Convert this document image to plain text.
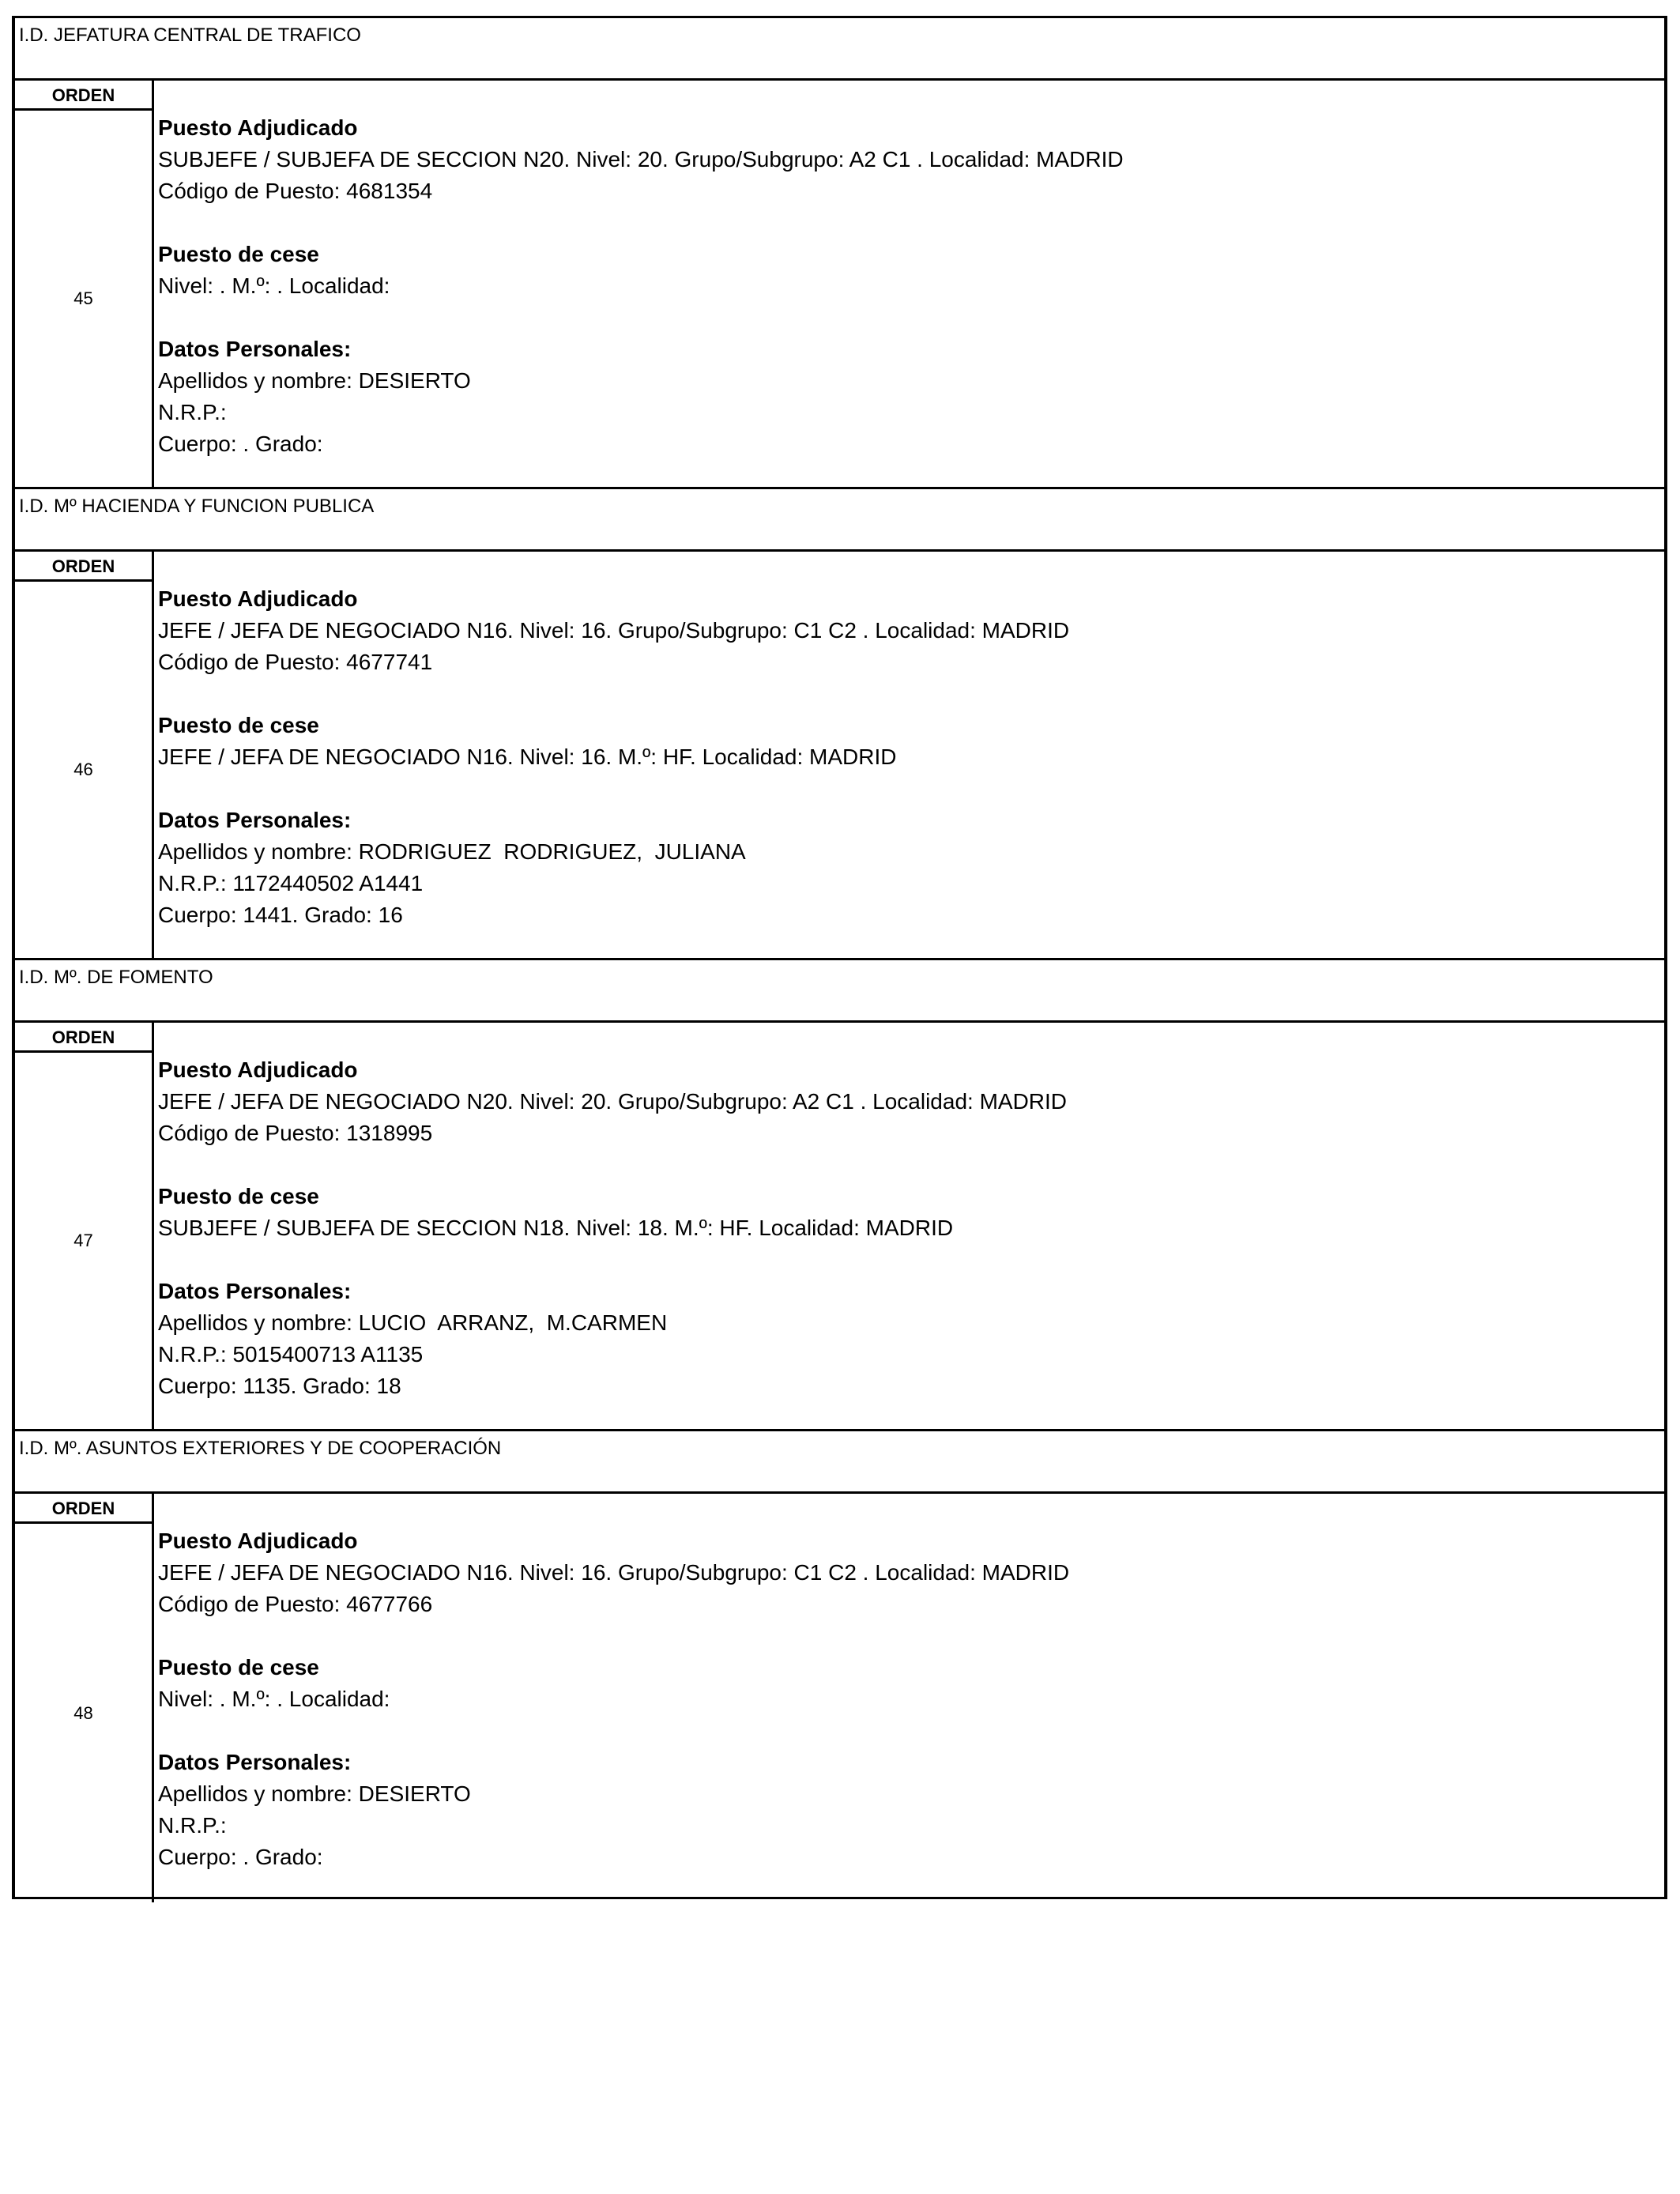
I.D. JEFATURA CENTRAL DE TRAFICO
ORDEN
45
Puesto Adjudicado
SUBJEFE / SUBJEFA DE SECCION N20. Nivel: 20. Grupo/Subgrupo: A2 C1 . Localidad: MADRID
Código de Puesto: 4681354
Puesto de cese
Nivel: . M.º: . Localidad:
Datos Personales:
Apellidos y nombre: DESIERTO
N.R.P.:
Cuerpo: . Grado:
I.D. Mº HACIENDA Y FUNCION PUBLICA
ORDEN
46
Puesto Adjudicado
JEFE / JEFA DE NEGOCIADO N16. Nivel: 16. Grupo/Subgrupo: C1 C2 . Localidad: MADRID
Código de Puesto: 4677741
Puesto de cese
JEFE / JEFA DE NEGOCIADO N16. Nivel: 16. M.º: HF. Localidad: MADRID
Datos Personales:
Apellidos y nombre: RODRIGUEZ  RODRIGUEZ,  JULIANA
N.R.P.: 1172440502 A1441
Cuerpo: 1441. Grado: 16
I.D. Mº. DE FOMENTO
ORDEN
47
Puesto Adjudicado
JEFE / JEFA DE NEGOCIADO N20. Nivel: 20. Grupo/Subgrupo: A2 C1 . Localidad: MADRID
Código de Puesto: 1318995
Puesto de cese
SUBJEFE / SUBJEFA DE SECCION N18. Nivel: 18. M.º: HF. Localidad: MADRID
Datos Personales:
Apellidos y nombre: LUCIO  ARRANZ,  M.CARMEN
N.R.P.: 5015400713 A1135
Cuerpo: 1135. Grado: 18
I.D. Mº. ASUNTOS EXTERIORES Y DE COOPERACIÓN
ORDEN
48
Puesto Adjudicado
JEFE / JEFA DE NEGOCIADO N16. Nivel: 16. Grupo/Subgrupo: C1 C2 . Localidad: MADRID
Código de Puesto: 4677766
Puesto de cese
Nivel: . M.º: . Localidad:
Datos Personales:
Apellidos y nombre: DESIERTO
N.R.P.:
Cuerpo: . Grado:
